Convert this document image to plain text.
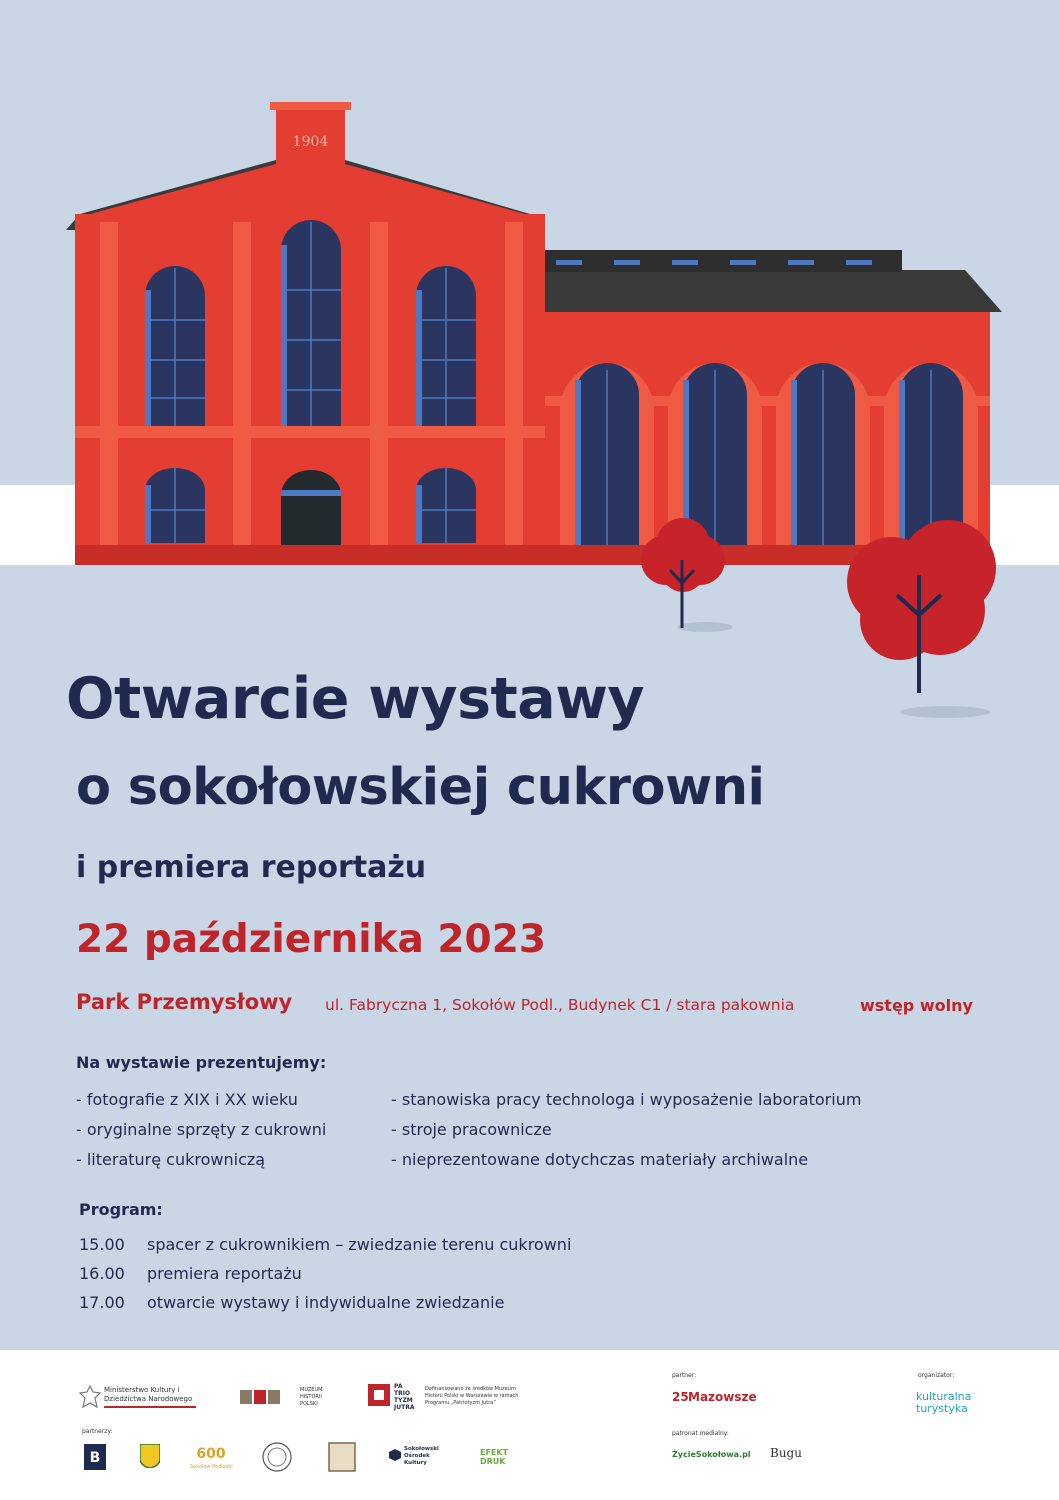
1904
Otwarcie wystawy
o sokołowskiej cukrowni
i premiera reportażu
22 października 2023
Park Przemysłowy ul. Fabryczna 1, Sokołów Podl., Budynek C1 / stara pakownia	wstęp wolny
Na wystawie prezentujemy:
- fotografie z XIX i XX wieku
- oryginalne sprzęty z cukrowni
- literaturę cukrowniczą
- stanowiska pracy technologa i wyposażenie laboratorium
- stroje pracownicze
- nieprezentowane dotychczas materiały archiwalne
Program:
15.00 spacer z cukrownikiem – zwiedzanie terenu cukrowni
16.00 premiera reportażu
17.00 otwarcie wystawy i indywidualne zwiedzanie
Ministerstwo Kultury i Dziedzictwa Narodowego
MUZEUM HISTORII POLSKI
PA TRIO TYZM JUTRA
Dofinansowano ze środków Muzeum Historii Polski w Warszawie w ramach Programu „Patriotyzm Jutra”
partner:
Mazowsze
25
organizator:
kulturalna
turystyka
partnerzy:
B	600
Sokołów Podlaski
Sokołowski Ośrodek Kultury
EFEKT DRUK
patronat medialny:
ŻycieSokołowa.pl Bugu
